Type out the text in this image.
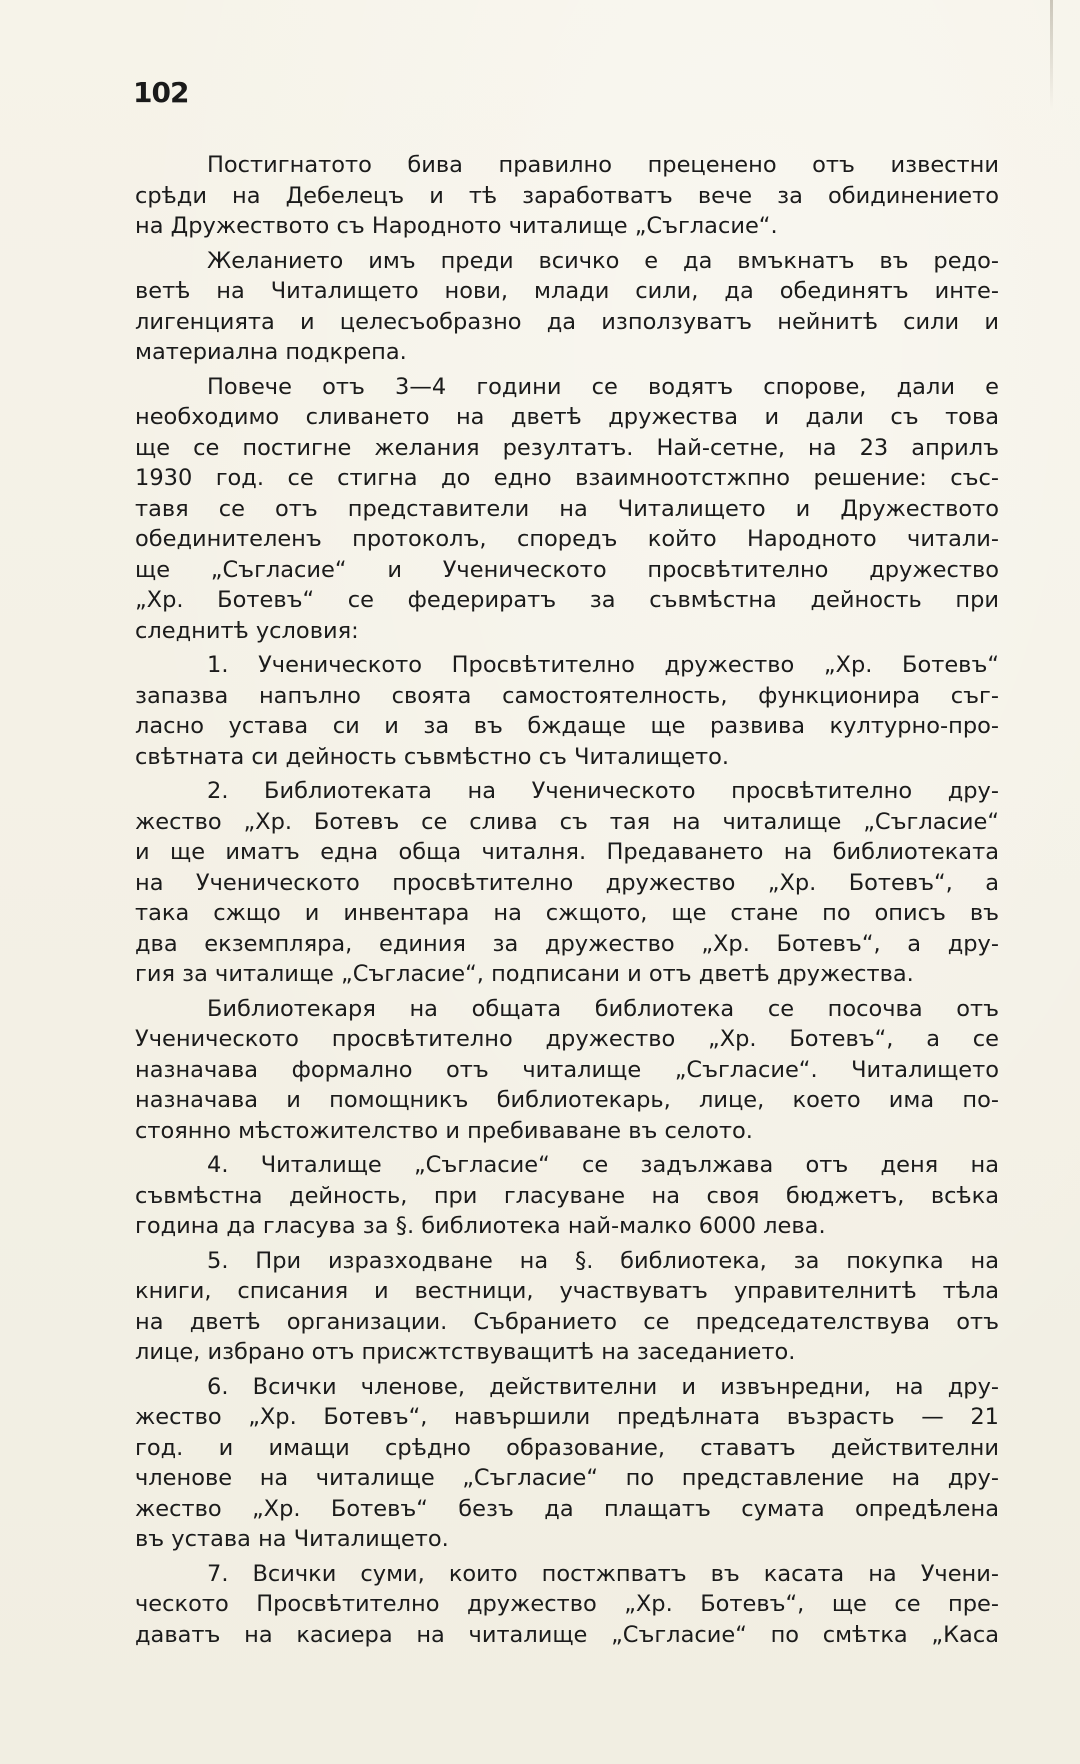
102
Постигнатото бива правилно преценено отъ известни
срѣди на Дебелецъ и тѣ заработватъ вече за обидинението
на Дружеството съ Народното читалище „Съгласие“.
Желанието имъ преди всичко е да вмъкнатъ въ редо-
ветѣ на Читалището нови, млади сили, да обединятъ инте-
лигенцията и целесъобразно да използуватъ нейнитѣ сили и
материална подкрепа.
Повече отъ 3—4 години се водятъ спорове, дали е
необходимо сливането на дветѣ дружества и дали съ това
ще се постигне желания резултатъ. Най-сетне, на 23 априлъ
1930 год. се стигна до едно взаимноотстжпно решение: със-
тавя се отъ представители на Читалището и Дружеството
обединителенъ протоколъ, споредъ който Народното читали-
ще „Съгласие“ и Ученическото просвѣтително дружество
„Хр. Ботевъ“ се федериратъ за съвмѣстна дейность при
следнитѣ условия:
1. Ученическото Просвѣтително дружество „Хр. Ботевъ“
запазва напълно своята самостоятелность, функционира съг-
ласно устава си и за въ бждаще ще развива културно-про-
свѣтната си дейность съвмѣстно съ Читалището.
2. Библиотеката на Ученическото просвѣтително дру-
жество „Хр. Ботевъ се слива съ тая на читалище „Съгласие“
и ще иматъ една обща читалня. Предаването на библиотеката
на Ученическото просвѣтително дружество „Хр. Ботевъ“, а
така сжщо и инвентара на сжщото, ще стане по описъ въ
два екземпляра, единия за дружество „Хр. Ботевъ“, а дру-
гия за читалище „Съгласие“, подписани и отъ дветѣ дружества.
Библиотекаря на общата библиотека се посочва отъ
Ученическото просвѣтително дружество „Хр. Ботевъ“, а се
назначава формално отъ читалище „Съгласие“. Читалището
назначава и помощникъ библиотекарь, лице, което има по-
стоянно мѣстожителство и пребиваване въ селото.
4. Читалище „Съгласие“ се задължава отъ деня на
съвмѣстна дейность, при гласуване на своя бюджетъ, всѣка
година да гласува за §. библиотека най-малко 6000 лева.
5. При изразходване на §. библиотека, за покупка на
книги, списания и вестници, участвуватъ управителнитѣ тѣла
на дветѣ организации. Събранието се председателствува отъ
лице, избрано отъ присжтствуващитѣ на заседанието.
6. Всички членове, действителни и извънредни, на дру-
жество „Хр. Ботевъ“, навършили предѣлната възрасть — 21
год. и имащи срѣдно образование, ставатъ действителни
членове на читалище „Съгласие“ по представление на дру-
жество „Хр. Ботевъ“ безъ да плащатъ сумата опредѣлена
въ устава на Читалището.
7. Всички суми, които постжпватъ въ касата на Учени-
ческото Просвѣтително дружество „Хр. Ботевъ“, ще се пре-
даватъ на касиера на читалище „Съгласие“ по смѣтка „Каса
